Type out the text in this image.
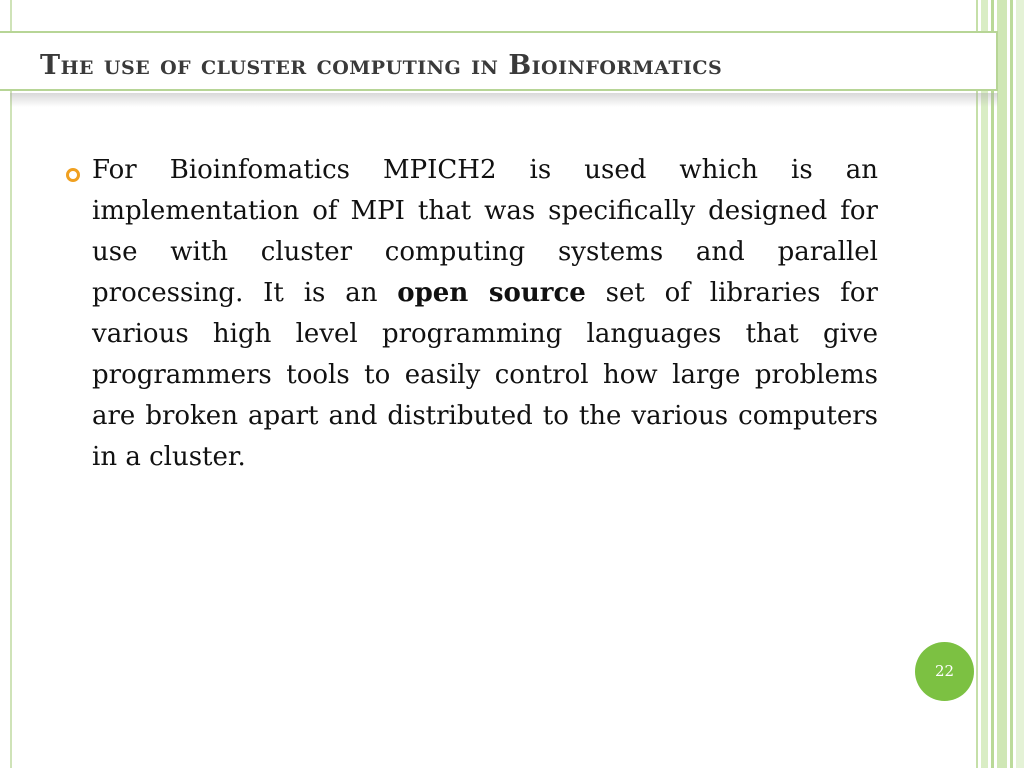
The use of cluster computing in Bioinformatics

For Bioinfomatics MPICH2 is used which is an implementation of MPI that was specifically designed for use with cluster computing systems and parallel processing. It is an open source set of libraries for various high level programming languages that give programmers tools to easily control how large problems are broken apart and distributed to the various computers in a cluster.

22
